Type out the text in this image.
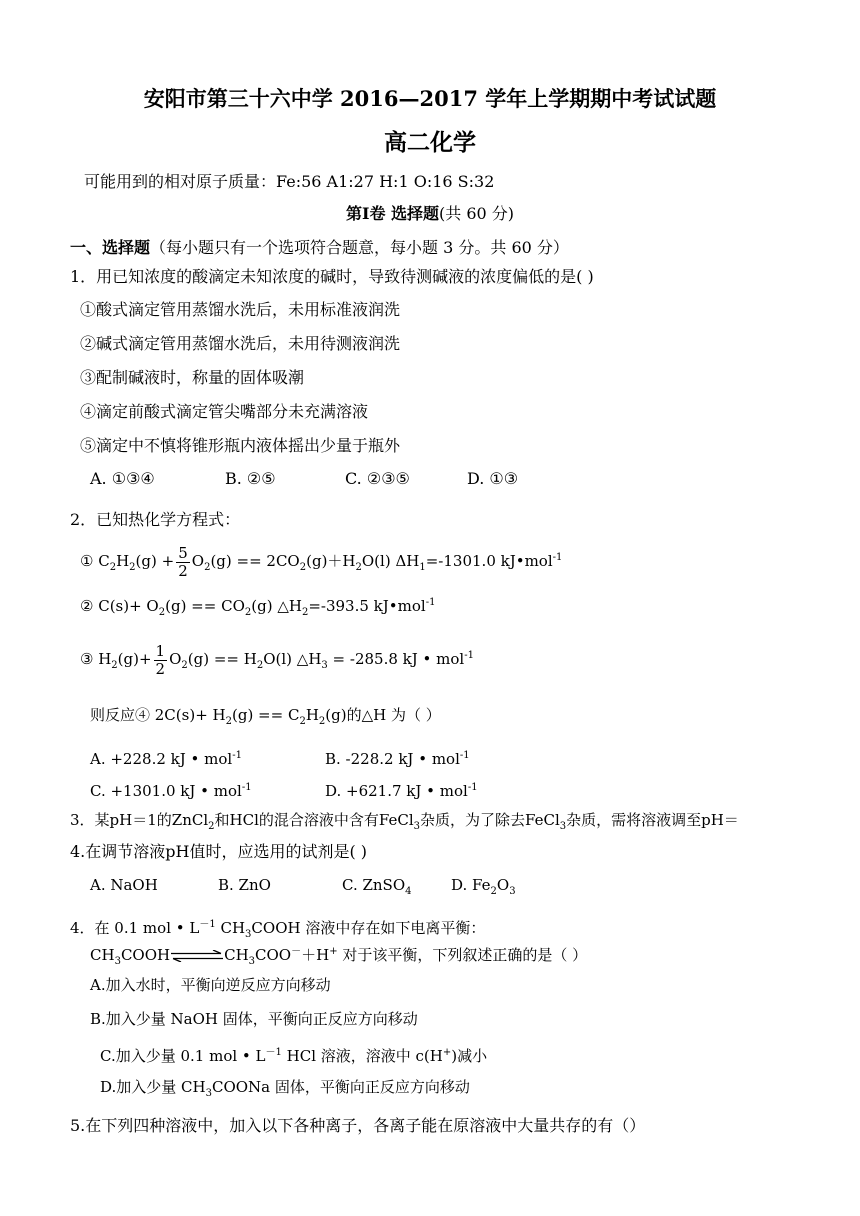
安阳市第三十六中学 2016—2017 学年上学期期中考试试题
高二化学
可能用到的相对原子质量：Fe:56 A1:27 H:1 O:16 S:32
第Ⅰ卷 选择题(共 60 分)
一、选择题（每小题只有一个选项符合题意，每小题 3 分。共 60 分）
1．用已知浓度的酸滴定未知浓度的碱时，导致待测碱液的浓度偏低的是( )
①酸式滴定管用蒸馏水洗后，未用标准液润洗
②碱式滴定管用蒸馏水洗后，未用待测液润洗
③配制碱液时，称量的固体吸潮
④滴定前酸式滴定管尖嘴部分未充满溶液
⑤滴定中不慎将锥形瓶内液体摇出少量于瓶外
A. ①③④	B. ②⑤	C. ②③⑤	D. ①③
2．已知热化学方程式：
① $C_2H_2(g) + \frac{5}{2} O_2(g) == 2CO_2(g)+H_2O(l)$ $\Delta H_1=-1301.0$ kJ•mol$^{-1}$
② $C(s)+ O_2(g) == CO_2(g)$ $\triangle H_2=-393.5$ kJ•mol$^{-1}$
③ $H_2(g)+ \frac{1}{2} O_2(g) == H_2O(l)$ $\triangle H_3 = -285.8$ kJ • mol$^{-1}$
则反应④ $2C(s)+ H_2(g) == C_2H_2(g)$的△H 为（ ）
A. +228.2 kJ • mol$^{-1}$	B. -228.2 kJ • mol$^{-1}$
C. +1301.0 kJ • mol$^{-1}$	D. +621.7 kJ • mol$^{-1}$
3．某pH＝1的ZnCl$_2$和HCl的混合溶液中含有FeCl$_3$杂质，为了除去FeCl$_3$杂质，需将溶液调至pH＝
4.在调节溶液pH值时，应选用的试剂是( )
A. NaOH	B. ZnO	C. ZnSO$_4$	D. $Fe_2O_3$
4．在 0.1 mol • $L^{-1}$ $CH_3COOH$ 溶液中存在如下电离平衡：
$CH_3COOH\rightleftharpoons CH_3COO^-+H^+$ 对于该平衡，下列叙述正确的是（ ）
A.加入水时，平衡向逆反应方向移动
B.加入少量 NaOH 固体，平衡向正反应方向移动
C.加入少量 0.1 mol • $L^{-1}$ HCl 溶液，溶液中 c(H+)减小
D.加入少量 $CH_3COONa$ 固体，平衡向正反应方向移动
5.在下列四种溶液中，加入以下各种离子，各离子能在原溶液中大量共存的有（）
